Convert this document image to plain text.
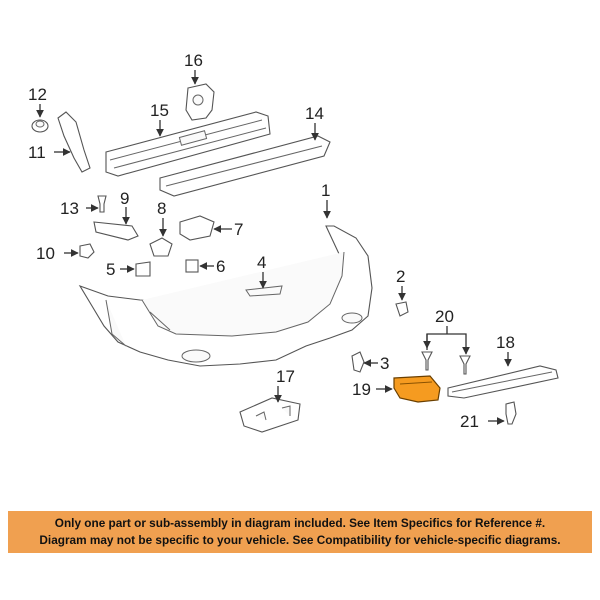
16
15	14
12
11
13
9
8
7
10
5	6
1
4
2
3
20
18
19
17
21
Only one part or sub-assembly in diagram included. See Item Specifics for Reference #.
Diagram may not be specific to your vehicle. See Compatibility for vehicle-specific diagrams.
